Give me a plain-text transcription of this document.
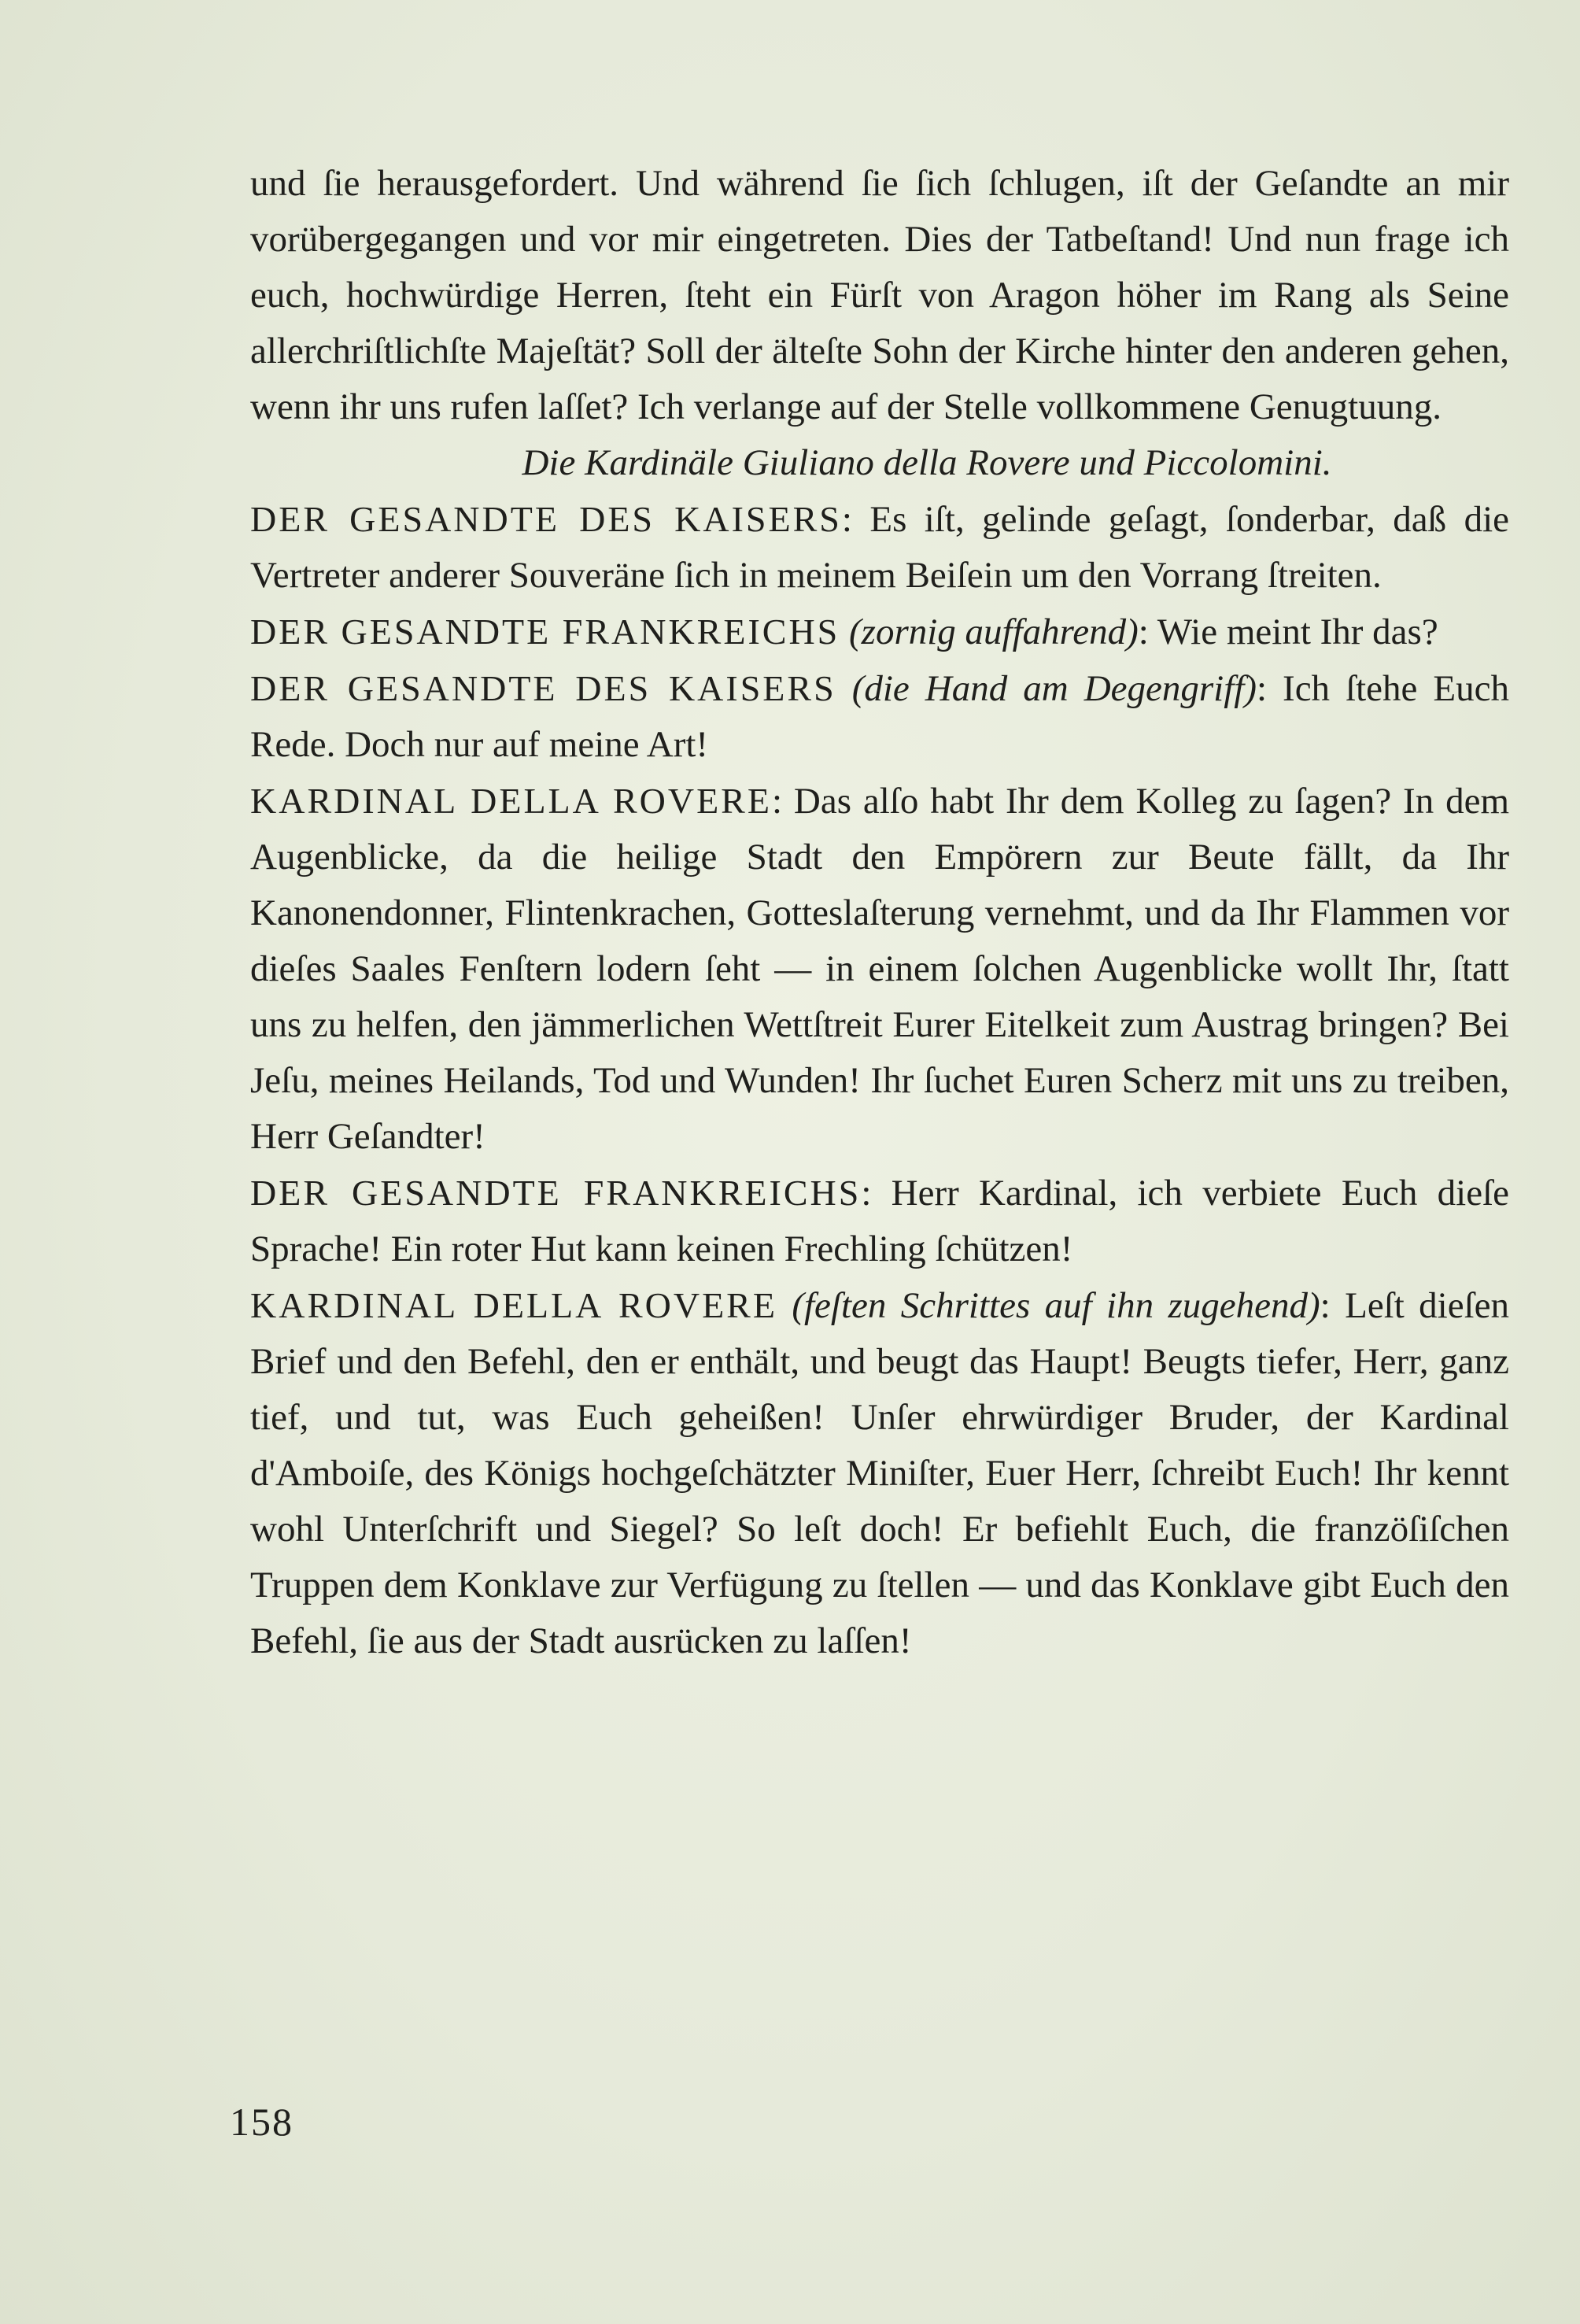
und ſie herausgefordert. Und während ſie ſich ſchlugen, iſt der Geſandte an mir vorübergegangen und vor mir eingetreten. Dies der Tatbeſtand! Und nun frage ich euch, hochwürdige Herren, ſteht ein Fürſt von Aragon höher im Rang als Seine allerchriſtlichſte Majeſtät? Soll der älteſte Sohn der Kirche hinter den anderen gehen, wenn ihr uns rufen laſſet? Ich verlange auf der Stelle vollkommene Genugtuung.

Die Kardinäle Giuliano della Rovere und Piccolomini.

DER GESANDTE DES KAISERS: Es iſt, gelinde geſagt, ſonderbar, daß die Vertreter anderer Souveräne ſich in meinem Beiſein um den Vorrang ſtreiten.

DER GESANDTE FRANKREICHS (zornig auffahrend): Wie meint Ihr das?

DER GESANDTE DES KAISERS (die Hand am Degengriff): Ich ſtehe Euch Rede. Doch nur auf meine Art!

KARDINAL DELLA ROVERE: Das alſo habt Ihr dem Kolleg zu ſagen? In dem Augenblicke, da die heilige Stadt den Empörern zur Beute fällt, da Ihr Kanonendonner, Flintenkrachen, Gotteslaſterung vernehmt, und da Ihr Flammen vor dieſes Saales Fenſtern lodern ſeht — in einem ſolchen Augenblicke wollt Ihr, ſtatt uns zu helfen, den jämmerlichen Wettſtreit Eurer Eitelkeit zum Austrag bringen? Bei Jeſu, meines Heilands, Tod und Wunden! Ihr ſuchet Euren Scherz mit uns zu treiben, Herr Geſandter!

DER GESANDTE FRANKREICHS: Herr Kardinal, ich verbiete Euch dieſe Sprache! Ein roter Hut kann keinen Frechling ſchützen!

KARDINAL DELLA ROVERE (feſten Schrittes auf ihn zugehend): Leſt dieſen Brief und den Befehl, den er enthält, und beugt das Haupt! Beugts tiefer, Herr, ganz tief, und tut, was Euch geheißen! Unſer ehrwürdiger Bruder, der Kardinal d'Amboiſe, des Königs hochgeſchätzter Miniſter, Euer Herr, ſchreibt Euch! Ihr kennt wohl Unterſchrift und Siegel? So leſt doch! Er befiehlt Euch, die franzöſiſchen Truppen dem Konklave zur Verfügung zu ſtellen — und das Konklave gibt Euch den Befehl, ſie aus der Stadt ausrücken zu laſſen!

158
